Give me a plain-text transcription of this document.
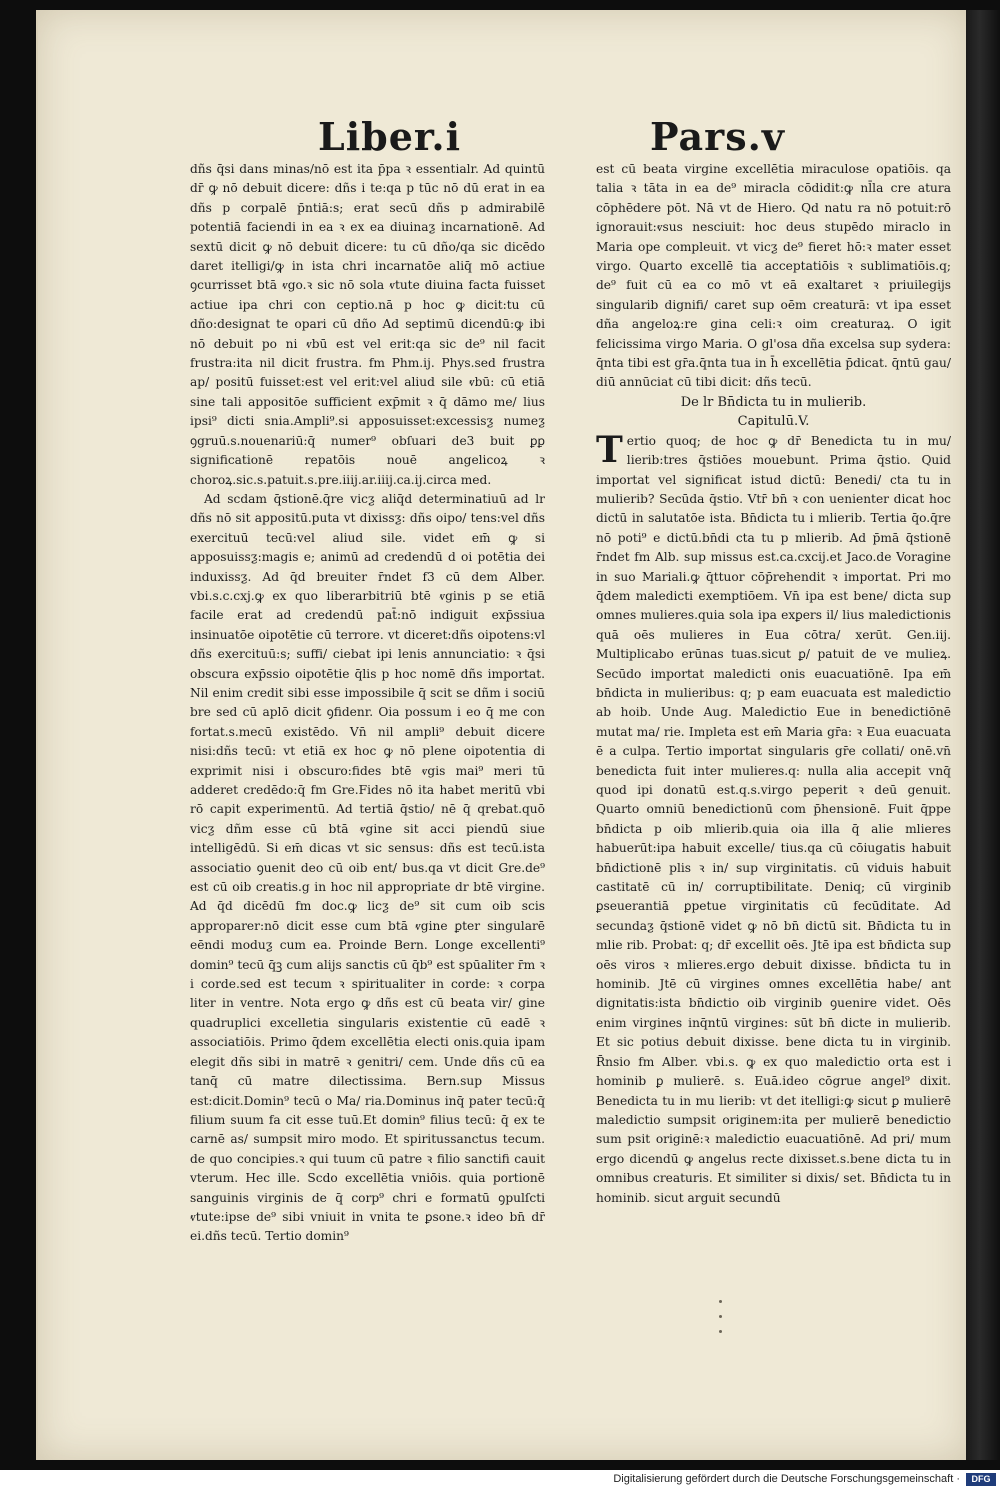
Liber.i	Pars.v

dñs q̄si dans minas/nō est ita p̄pa ꝛ essentialr. Ad quintū dr̄ ꝙ nō debuit dicere: dñs i te:qa p tūc nō dū erat in ea dñs p corpalē p̄ntiā:s; erat secū dñs p admirabilē potentiā faciendi in ea ꝛ ex ea diuinaƺ incarnationē. Ad sextū dicit ꝙ nō debuit dicere: tu cū dño/qa sic dicēdo daret itelligi/ꝙ in ista chri incarnatōe aliq̄ mō actiue ꝯcurrisset btā ⱴgo.ꝛ sic nō sola ⱴtute diuina facta fuisset actiue ipa chri con ceptio.nā p hoc ꝙ dicit:tu cū dño:designat te opari cū dño Ad septimū dicendū:ꝙ ibi nō debuit po ni ⱴbū est vel erit:qa sic de⁹ nil facit frustra:ita nil dicit frustra. fm Phm.ij. Phys.sed frustra ap/ positū fuisset:est vel erit:vel aliud sile ⱴbū: cū etiā sine tali appositōe sufficient exp̄mit ꝛ q̄ dāmo me/ lius ipsi⁹ dicti snia.Ampli⁹.si apposuisset:excessisƺ numeƺ ꝯgruū.s.nouenariū:q̄ numer⁹ obſuari de3 buit ꝑꝑ significationē repatōis nouē angelicoꝝ ꝛ choroꝝ.sic.s.patuit.s.pre.iiij.ar.iiij.ca.ij.circa med.

Ad scdam q̄stionē.q̄re vicƺ aliq̄d determinatiuū ad lr dñs nō sit appositū.puta vt dixissƺ: dñs oipo/ tens:vel dñs exercituū tecū:vel aliud sile. videt em̄ ꝙ si apposuissƺ:magis e; animū ad credendū d oi potētia dei induxissƺ. Ad q̄d breuiter r̄ndet f3 cū dem Alber. vbi.s.c.cxj.ꝙ ex quo liberarbitriū btē ⱴginis p se etiā facile erat ad credendū pat̄:nō indiguit exp̄ssiua insinuatōe oipotētie cū terrore. vt diceret:dñs oipotens:vl dñs exercituū:s; suffi/ ciebat ipi lenis annunciatio: ꝛ q̄si obscura exp̄ssio oipotētie q̄lis p hoc nomē dñs importat. Nil enim credit sibi esse impossibile q̄ scit se dñm i sociū bre sed cū aplō dicit ꝯfidenr. Oia possum i eo q̄ me con fortat.s.mecū existēdo. Vn̄ nil ampli⁹ debuit dicere nisi:dñs tecū: vt etiā ex hoc ꝙ nō plene oipotentia di exprimit nisi i obscuro:fides btē ⱴgis mai⁹ meri tū adderet credēdo:q̄ fm Gre.Fides nō ita habet meritū vbi rō capit experimentū. Ad tertiā q̄stio/ nē q̄ qrebat.quō vicƺ dñm esse cū btā ⱴgine sit acci piendū siue intelligēdū. Si em̄ dicas vt sic sensus: dñs est tecū.ista associatio ꝯuenit deo cū oib ent/ bus.qa vt dicit Gre.de⁹ est cū oib creatis.g in hoc nil appropriate dr btē virgine. Ad q̄d dicēdū fm doc.ꝙ licƺ de⁹ sit cum oib scis approparer:nō dicit esse cum btā ⱴgine ꝑter singularē eēndi moduƺ cum ea. Proinde Bern. Longe excellenti⁹ domin⁹ tecū q̄ꝫ cum alijs sanctis cū q̄b⁹ est spūaliter r̄m ꝛ i corde.sed est tecum ꝛ spiritualiter in corde: ꝛ corpa liter in ventre. Nota ergo ꝙ dñs est cū beata vir/ gine quadruplici excelletia singularis existentie cū eadē ꝛ associatiōis. Primo q̄dem excellētia electi onis.quia ipam elegit dñs sibi in matrē ꝛ genitri/ cem. Unde dñs cū ea tanq̄ cū matre dilectissima. Bern.sup Missus est:dicit.Domin⁹ tecū o Ma/ ria.Dominus inq̄ pater tecū:q̄ filium suum fa cit esse tuū.Et domin⁹ filius tecū: q̄ ex te carnē as/ sumpsit miro modo. Et spiritussanctus tecum. de quo concipies.ꝛ qui tuum cū patre ꝛ filio sanctifi cauit vterum. Hec ille. Scdo excellētia vniōis. quia portionē sanguinis virginis de q̄ corp⁹ chri e formatū ꝯpulſcti ⱴtute:ipse de⁹ sibi vniuit in vnita te ꝑsone.ꝛ ideo bn̄ dr̄ ei.dñs tecū. Tertio domin⁹

est cū beata virgine excellētia miraculose opatiōis. qa talia ꝛ tāta in ea de⁹ miracla cōdidit:ꝙ nl̄la cre atura cōphēdere pōt. Nā vt de Hiero. Qd natu ra nō potuit:rō ignorauit:ⱴsus nesciuit: hoc deus stupēdo miraclo in Maria ope compleuit. vt vicƺ de⁹ fieret hō:ꝛ mater esset virgo. Quarto excellē tia acceptatiōis ꝛ sublimatiōis.q; de⁹ fuit cū ea co mō vt eā exaltaret ꝛ priuilegijs singularib dignifi/ caret sup oēm creaturā: vt ipa esset dña angeloꝝ:re gina celi:ꝛ oim creaturaꝝ. O igit felicissima virgo Maria. O gl'osa dña excelsa sup sydera: q̄nta tibi est gr̄a.q̄nta tua in h̄ excellētia p̄dicat. q̄ntū gau/ diū annūciat cū tibi dicit: dñs tecū.

De lr Bn̄dicta tu in mulierib.

Capitulū.V.

Tertio quoq; de hoc ꝙ dr̄ Benedicta tu in mu/ lierib:tres q̄stiōes mouebunt. Prima q̄stio. Quid importat vel significat istud dictū: Benedi/ cta tu in mulierib? Secūda q̄stio. Vtr̄ bn̄ ꝛ con uenienter dicat hoc dictū in salutatōe ista. Bn̄dicta tu i mlierib. Tertia q̄o.q̄re nō poti⁹ e dictū.bn̄di cta tu p mlierib. Ad p̄mā q̄stionē r̄ndet fm Alb. sup missus est.ca.cxcij.et Jaco.de Voragine in suo Mariali.ꝙ q̄ttuor cōp̄rehendit ꝛ importat. Pri mo q̄dem maledicti exemptiōem. Vn̄ ipa est bene/ dicta sup omnes mulieres.quia sola ipa exꝑers il/ lius maledictionis quā oēs mulieres in Eua cōtra/ xerūt. Gen.iij. Multiplicabo erūnas tuas.sicut ꝑ/ patuit de ve mulieꝝ. Secūdo importat maledicti onis euacuatiōnē. Ipa em̄ bn̄dicta in mulieribus: q; p eam euacuata est maledictio ab hoib. Unde Aug. Maledictio Eue in benedictiōnē mutat ma/ rie. Impleta est em̄ Maria gr̄a: ꝛ Eua euacuata ē a culpa. Tertio importat singularis gr̄e collati/ onē.vn̄ benedicta fuit inter mulieres.q: nulla alia accepit vnq̄ quod ipi donatū est.q.s.virgo peperit ꝛ deū genuit. Quarto omniū benedictionū com p̄hensionē. Fuit q̄ppe bn̄dicta p oib mlierib.quia oia illa q̄ alie mlieres habuerūt:ipa habuit excelle/ tius.qa cū cōiugatis habuit bn̄dictionē plis ꝛ in/ sup virginitatis. cū viduis habuit castitatē cū in/ corruptibilitate. Deniq; cū virginib ꝑseuerantiā ꝑpetue virginitatis cū fecūditate. Ad secundaƺ q̄stionē videt ꝙ nō bn̄ dictū sit. Bn̄dicta tu in mlie rib. Probat: q; dr̄ excellit oēs. Jtē ipa est bn̄dicta sup oēs viros ꝛ mlieres.ergo debuit dixisse. bn̄dicta tu in hominib. Jtē cū virgines omnes excellētia habe/ ant dignitatis:ista bn̄dictio oib virginib ꝯuenire videt. Oēs enim virgines inq̄ntū virgines: sūt bn̄ dicte in mulierib. Et sic potius debuit dixisse. bene dicta tu in virginib. R̄nsio fm Alber. vbi.s. ꝙ ex quo maledictio orta est i hominib ꝑ mulierē. s. Euā.ideo cōgrue angel⁹ dixit. Benedicta tu in mu lierib: vt det itelligi:ꝙ sicut ꝑ mulierē maledictio sumpsit originem:ita per mulierē benedictio sum psit originē:ꝛ maledictio euacuatiōnē. Ad pri/ mum ergo dicendū ꝙ angelus recte dixisset.s.bene dicta tu in omnibus creaturis. Et similiter si dixis/ set. Bn̄dicta tu in hominib. sicut arguit secundū

Digitalisierung gefördert durch die Deutsche Forschungsgemeinschaft ·	DFG
